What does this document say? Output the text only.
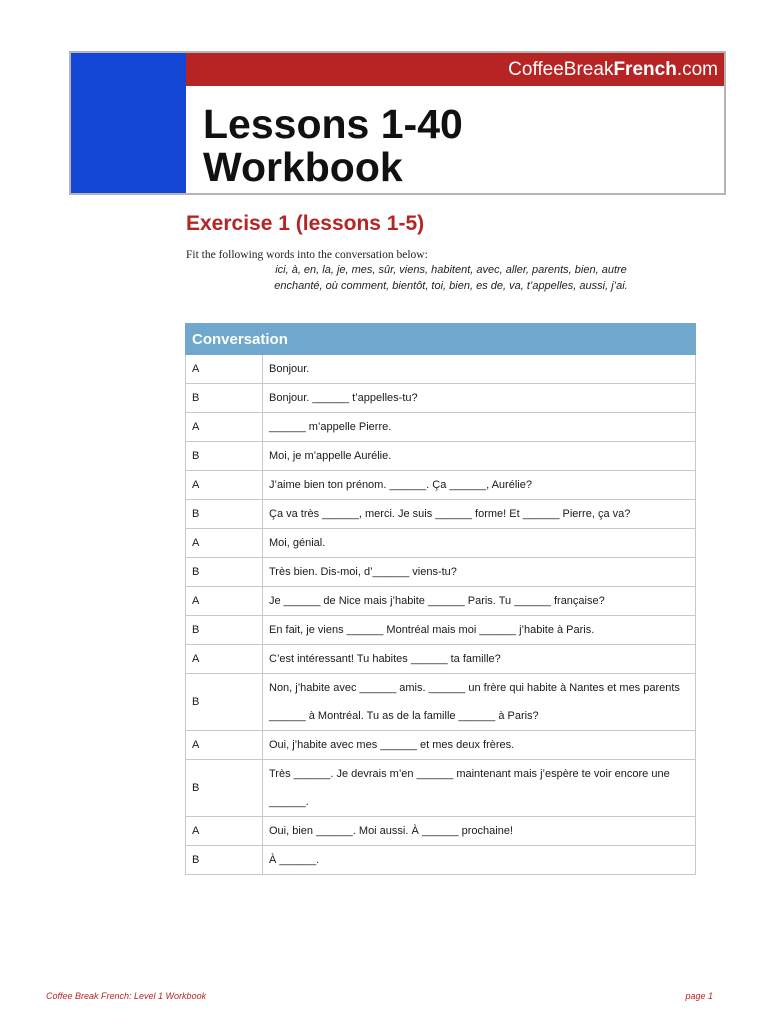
CoffeeBreakFrench.com
Lessons 1-40
Workbook
Exercise 1 (lessons 1-5)

Fit the following words into the conversation below:

ici, à, en, la, je, mes, sûr, viens, habitent, avec, aller, parents, bien, autre

enchanté, où comment, bientôt, toi, bien, es de, va, t’appelles, aussi, j’ai.

Conversation	
A	Bonjour.
B	Bonjour. ______ t’appelles-tu?
A	______ m’appelle Pierre.
B	Moi, je m’appelle Aurélie.
A	J’aime bien ton prénom. ______. Ça ______, Aurélie?
B	Ça va très ______, merci. Je suis ______ forme! Et ______ Pierre, ça va?
A	Moi, génial.
B	Très bien. Dis-moi, d’______ viens-tu?
A	Je ______ de Nice mais j’habite ______ Paris. Tu ______ française?
B	En fait, je viens ______ Montréal mais moi ______ j’habite à Paris.
A	C’est intéressant! Tu habites ______ ta famille?
B	Non, j’habite avec ______ amis. ______ un frère qui habite à Nantes et mes parents ______ à Montréal. Tu as de la famille ______ à Paris?
A	Oui, j’habite avec mes ______ et mes deux frères.
B	Très ______. Je devrais m’en ______ maintenant mais j’espère te voir encore une ______.
A	Oui, bien ______. Moi aussi. À ______ prochaine!
B	À ______.
Coffee Break French: Level 1 Workbook	page 1
